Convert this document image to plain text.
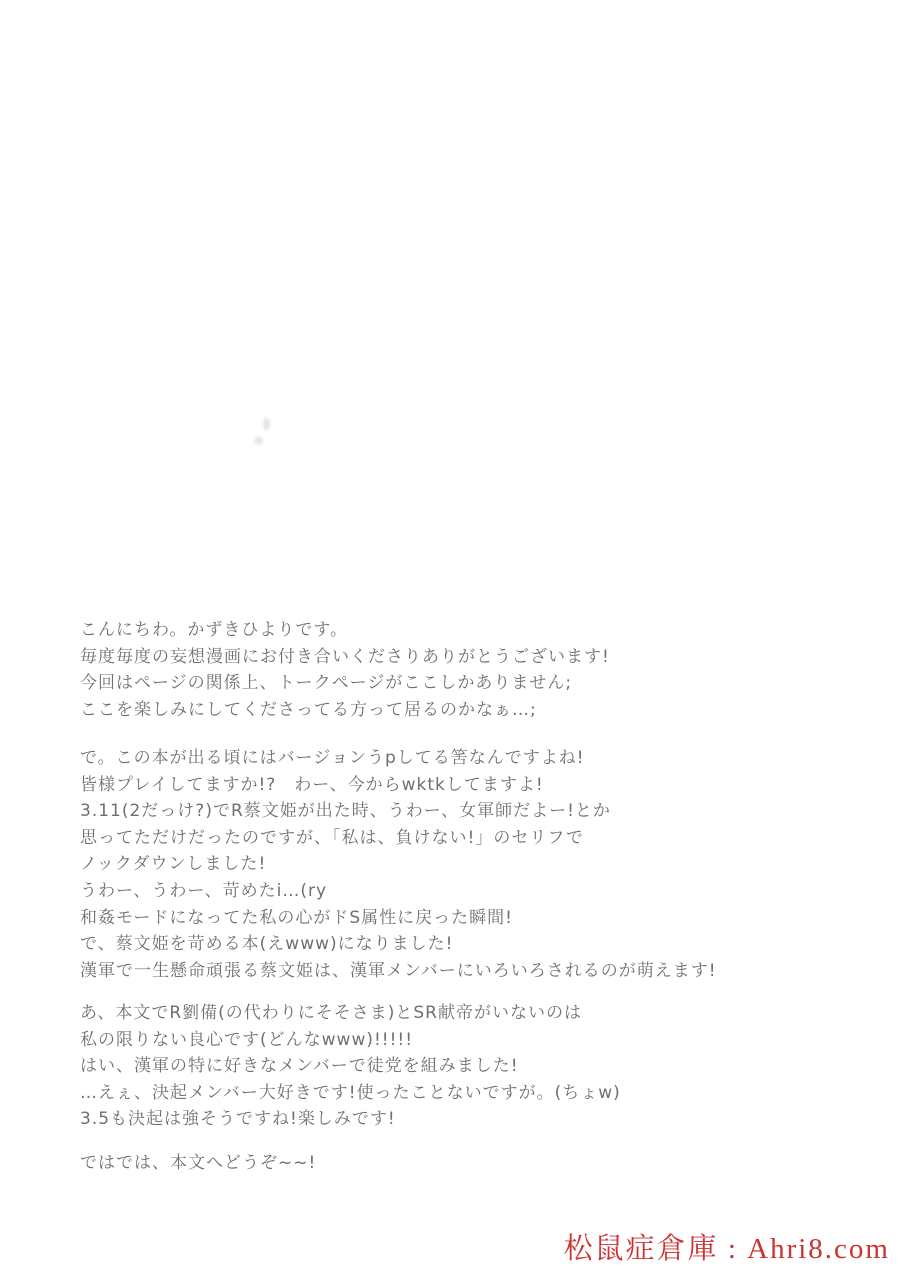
こんにちわ。かずきひよりです。
毎度毎度の妄想漫画にお付き合いくださりありがとうございます!
今回はページの関係上、トークページがここしかありません;
ここを楽しみにしてくださってる方って居るのかなぁ…;
で。この本が出る頃にはバージョンうpしてる筈なんですよね!
皆様プレイしてますか!?　わー、今からwktkしてますよ!
3.11(2だっけ?)でR蔡文姫が出た時、うわー、女軍師だよー!とか
思ってただけだったのですが、「私は、負けない!」のセリフで
ノックダウンしました!
うわー、うわー、苛めたi…(ry
和姦モードになってた私の心がドS属性に戻った瞬間!
で、蔡文姫を苛める本(えwww)になりました!
漢軍で一生懸命頑張る蔡文姫は、漢軍メンバーにいろいろされるのが萌えます!
あ、本文でR劉備(の代わりにそそさま)とSR献帝がいないのは
私の限りない良心です(どんなwww)!!!!!
はい、漢軍の特に好きなメンバーで徒党を組みました!
…えぇ、決起メンバー大好きです!使ったことないですが。(ちょw)
3.5も決起は強そうですね!楽しみです!
ではでは、本文へどうぞ~~!
松鼠症倉庫 : Ahri8.com
